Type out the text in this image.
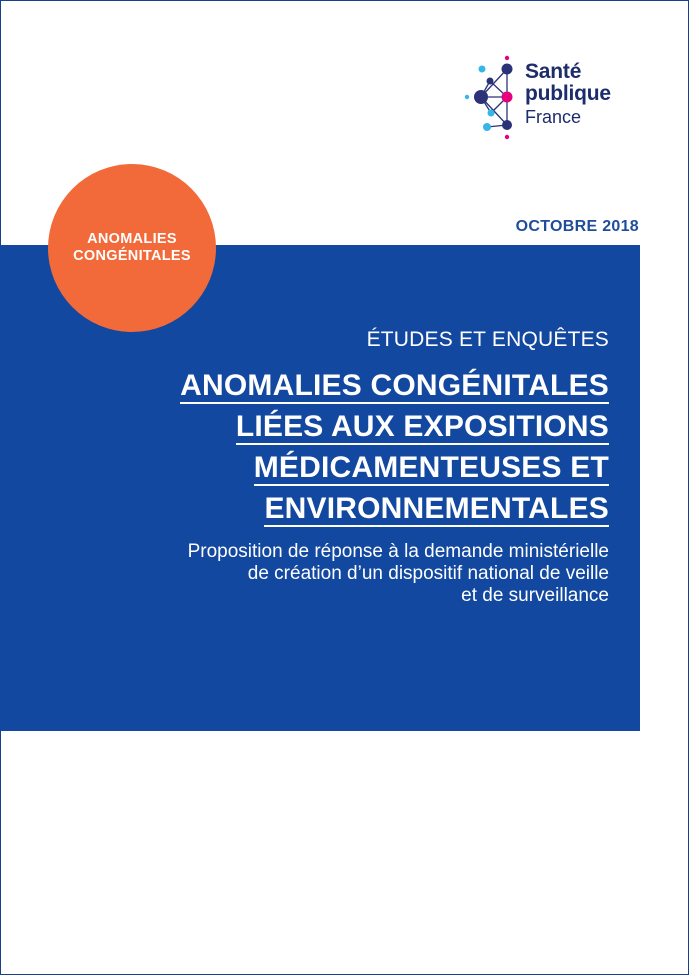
Santé
publique
France
OCTOBRE 2018
ANOMALIES CONGÉNITALES
ÉTUDES ET ENQUÊTES
ANOMALIES CONGÉNITALES
LIÉES AUX EXPOSITIONS
MÉDICAMENTEUSES ET
ENVIRONNEMENTALES
Proposition de réponse à la demande ministérielle
de création d’un dispositif national de veille
et de surveillance
